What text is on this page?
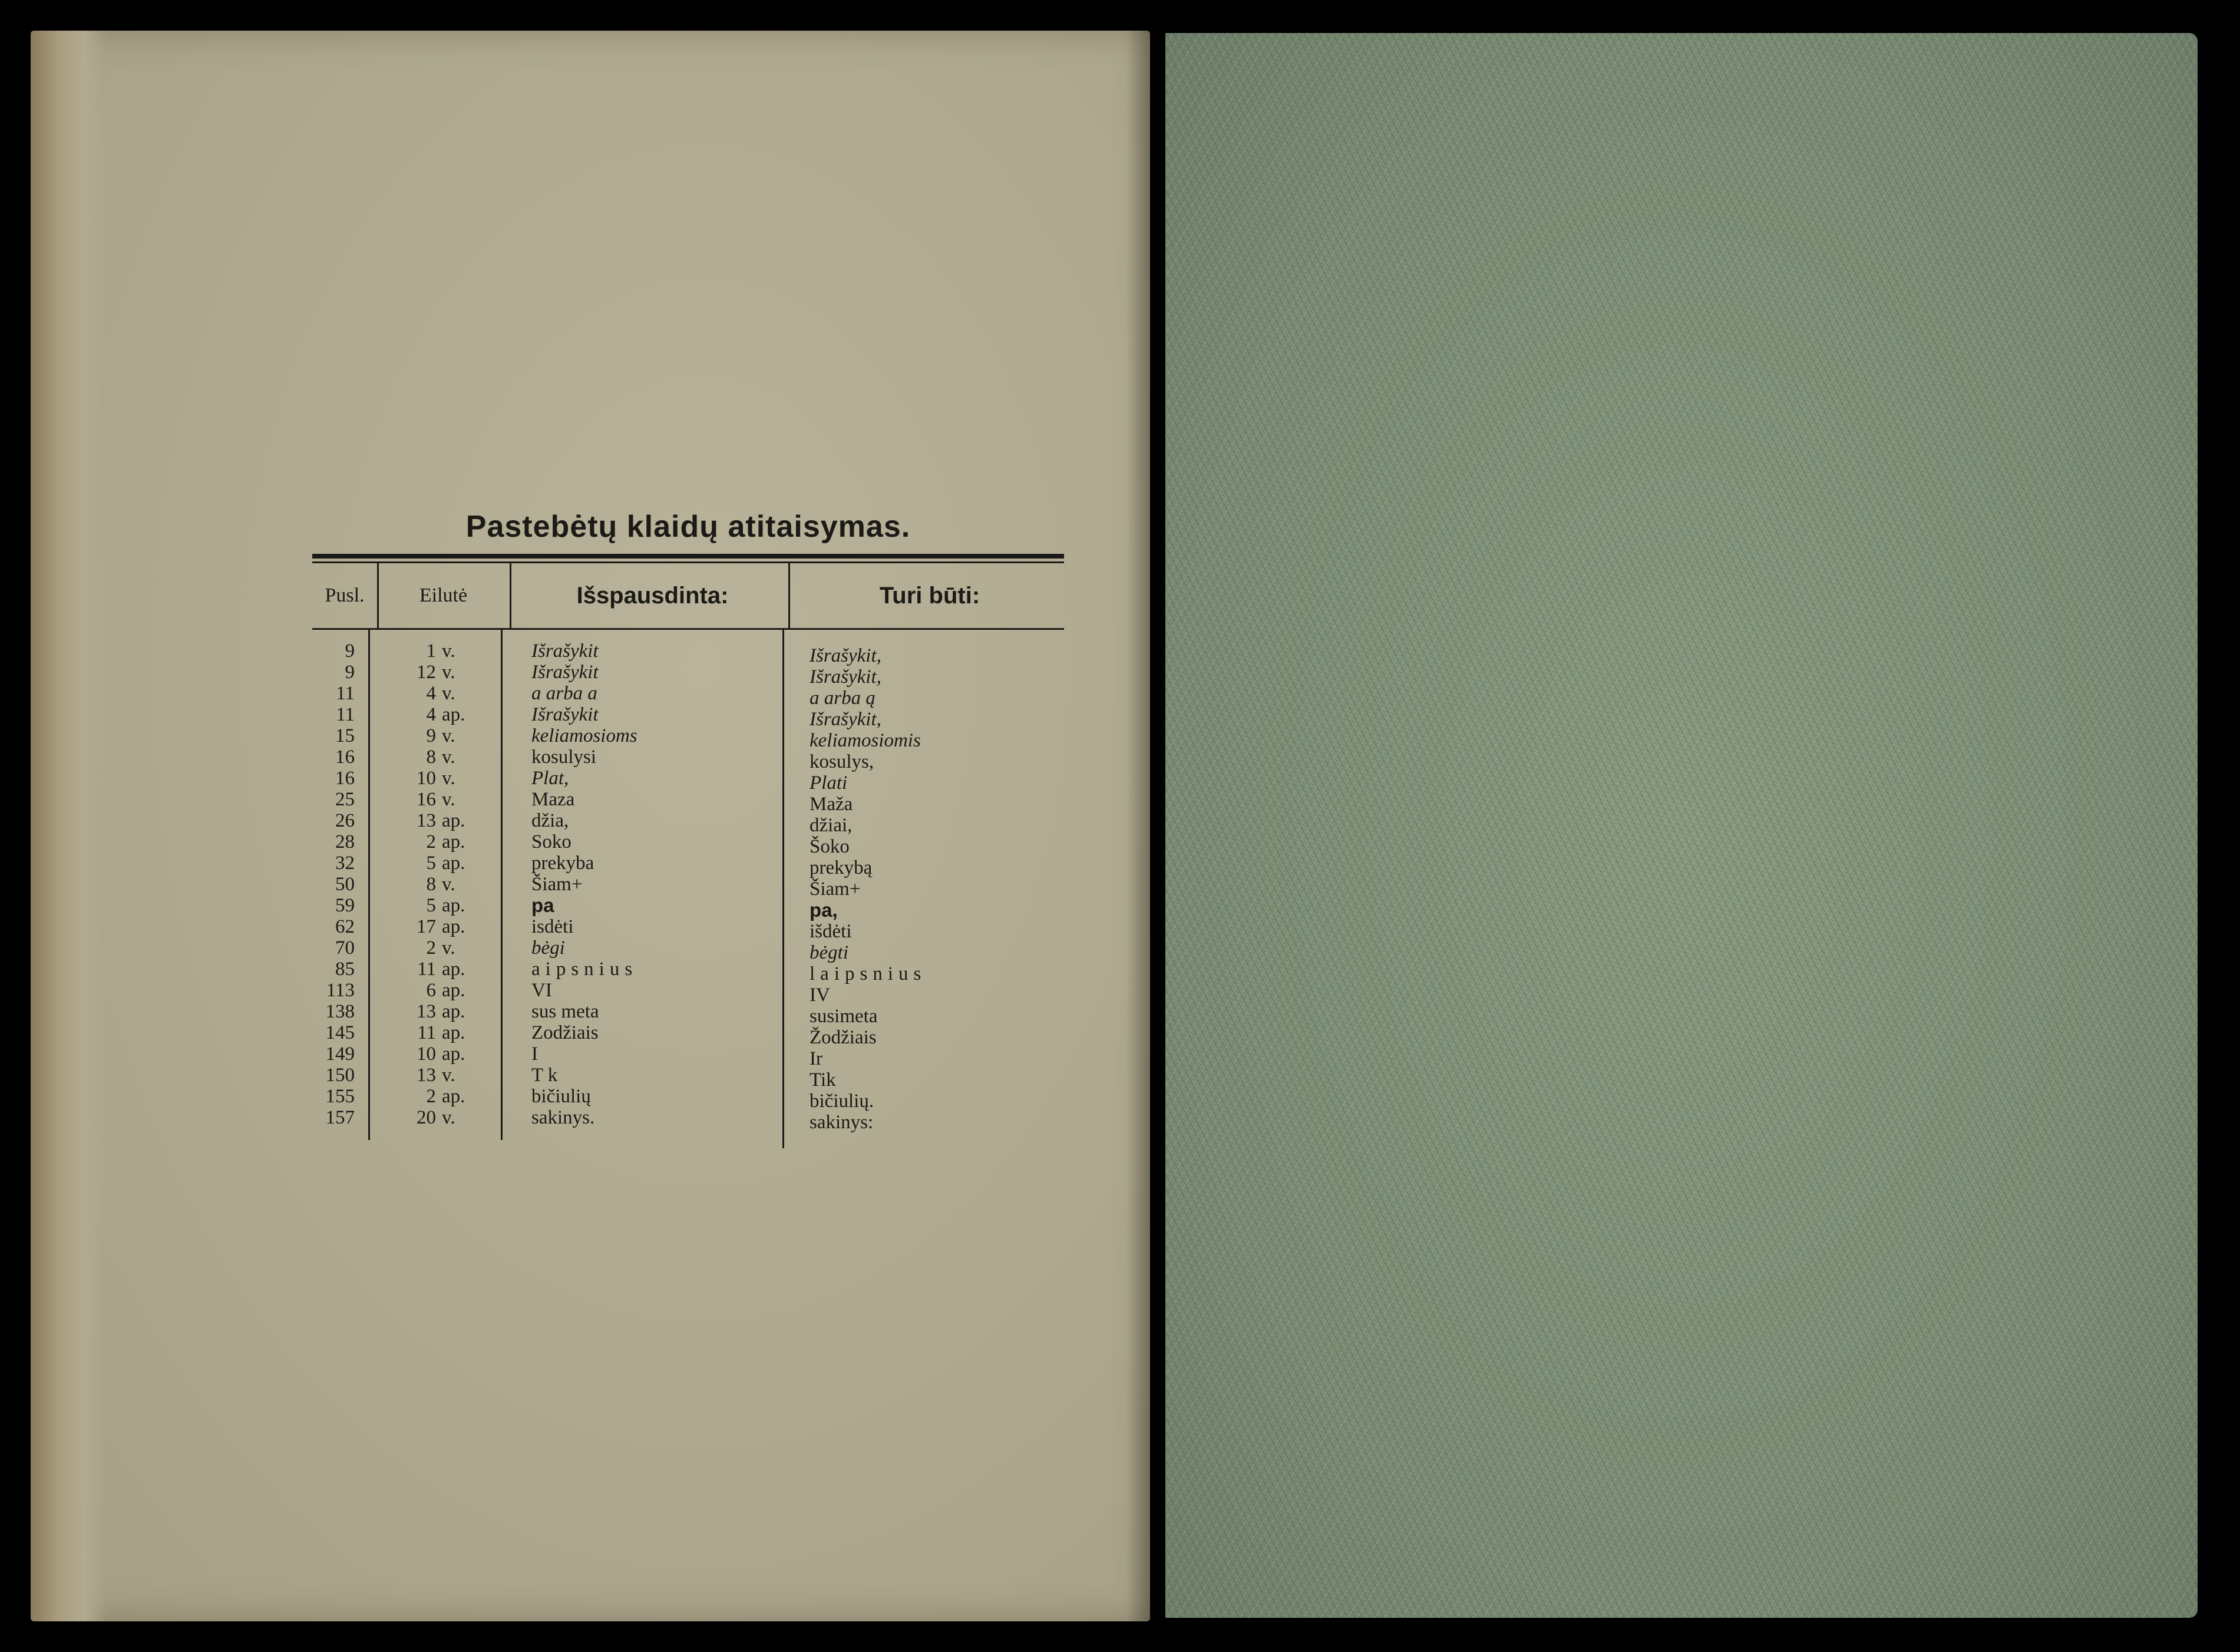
Pastebėtų klaidų atitaisymas.
Pusl.	Eilutė	Išspausdinta:	Turi būti:
9	1 v.	Išrašykit	Išrašykit,
9	12 v.	Išrašykit	Išrašykit,
11	4 v.	a arba a	a arba ą
11	4 ap.	Išrašykit	Išrašykit,
15	9 v.	keliamosioms	keliamosiomis
16	8 v.	kosulysi	kosulys,
16	10 v.	Plat,	Plati
25	16 v.	Maza	Maža
26	13 ap.	džia,	džiai,
28	2 ap.	Soko	Šoko
32	5 ap.	prekyba	prekybą
50	8 v.	Šiam+	Šiam+
59	5 ap.	pa	pa,
62	17 ap.	isdėti	išdėti
70	2 v.	bėgi	bėgti
85	11 ap.	aipsnius	laipsnius
113	6 ap.	VI	IV
138	13 ap.	sus meta	susimeta
145	11 ap.	Zodžiais	Žodžiais
149	10 ap.	I	Ir
150	13 v.	T k	Tik
155	2 ap.	bičiulių	bičiulių.
157	20 v.	sakinys.	sakinys:
